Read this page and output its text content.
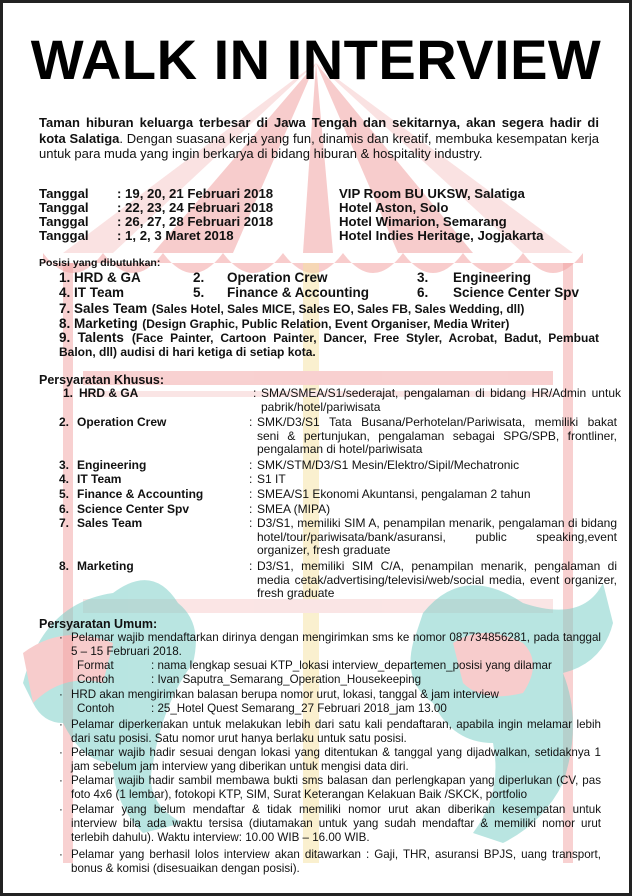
WALK IN INTERVIEW
Taman hiburan keluarga terbesar di Jawa Tengah dan sekitarnya, akan segera hadir di kota Salatiga. Dengan suasana kerja yang fun, dinamis dan kreatif, membuka kesempatan kerja untuk para muda yang ingin berkarya di bidang hiburan & hospitality industry.
Tanggal : 19, 20, 21 Februari 2018	VIP Room BU UKSW, Salatiga
Tanggal : 22, 23, 24 Februari 2018	Hotel Aston, Solo
Tanggal : 26, 27, 28 Februari 2018	Hotel Wimarion, Semarang
Tanggal : 1, 2, 3 Maret 2018	Hotel Indies Heritage, Jogjakarta
Posisi yang dibutuhkan:
1. HRD & GA	2. Operation Crew	3. Engineering
4. IT Team	5. Finance & Accounting	6. Science Center Spv
7. Sales Team (Sales Hotel, Sales MICE, Sales EO, Sales FB, Sales Wedding, dll)
8. Marketing (Design Graphic, Public Relation, Event Organiser, Media Writer)
9. Talents (Face Painter, Cartoon Painter, Dancer, Free Styler, Acrobat, Badut, Pembuat Balon, dll) audisi di hari ketiga di setiap kota.
Persyaratan Khusus:
1. HRD & GA	: SMA/SMEA/S1/sederajat, pengalaman di bidang HR/Admin untuk pabrik/hotel/pariwisata
2. Operation Crew	: SMK/D3/S1 Tata Busana/Perhotelan/Pariwisata, memiliki bakat seni & pertunjukan, pengalaman sebagai SPG/SPB, frontliner, pengalaman di hotel/pariwisata
3. Engineering	: SMK/STM/D3/S1 Mesin/Elektro/Sipil/Mechatronic
4. IT Team	: S1 IT
5. Finance & Accounting	: SMEA/S1 Ekonomi Akuntansi, pengalaman 2 tahun
6. Science Center Spv	: SMEA (MIPA)
7. Sales Team	: D3/S1, memiliki SIM A, penampilan menarik, pengalaman di bidang hotel/tour/pariwisata/bank/asuransi, public speaking,event organizer, fresh graduate
8. Marketing	: D3/S1, memiliki SIM C/A, penampilan menarik, pengalaman di media cetak/advertising/televisi/web/social media, event organizer, fresh graduate
Persyaratan Umum:
· Pelamar wajib mendaftarkan dirinya dengan mengirimkan sms ke nomor 087734856281, pada tanggal 5 – 15 Februari 2018.
Format	: nama lengkap sesuai KTP_lokasi interview_departemen_posisi yang dilamar
Contoh	: Ivan Saputra_Semarang_Operation_Housekeeping
· HRD akan mengirimkan balasan berupa nomor urut, lokasi, tanggal & jam interview
Contoh	: 25_Hotel Quest Semarang_27 Februari 2018_jam 13.00
· Pelamar diperkenakan untuk melakukan lebih dari satu kali pendaftaran, apabila ingin melamar lebih dari satu posisi. Satu nomor urut hanya berlaku untuk satu posisi.
· Pelamar wajib hadir sesuai dengan lokasi yang ditentukan & tanggal yang dijadwalkan, setidaknya 1 jam sebelum jam interview yang diberikan untuk mengisi data diri.
· Pelamar wajib hadir sambil membawa bukti sms balasan dan perlengkapan yang diperlukan (CV, pas foto 4x6 (1 lembar), fotokopi KTP, SIM, Surat Keterangan Kelakuan Baik /SKCK, portfolio
· Pelamar yang belum mendaftar & tidak memiliki nomor urut akan diberikan kesempatan untuk interview bila ada waktu tersisa (diutamakan untuk yang sudah mendaftar & memiliki nomor urut terlebih dahulu). Waktu interview: 10.00 WIB – 16.00 WIB.
· Pelamar yang berhasil lolos interview akan ditawarkan : Gaji, THR, asuransi BPJS, uang transport, bonus & komisi (disesuaikan dengan posisi).
